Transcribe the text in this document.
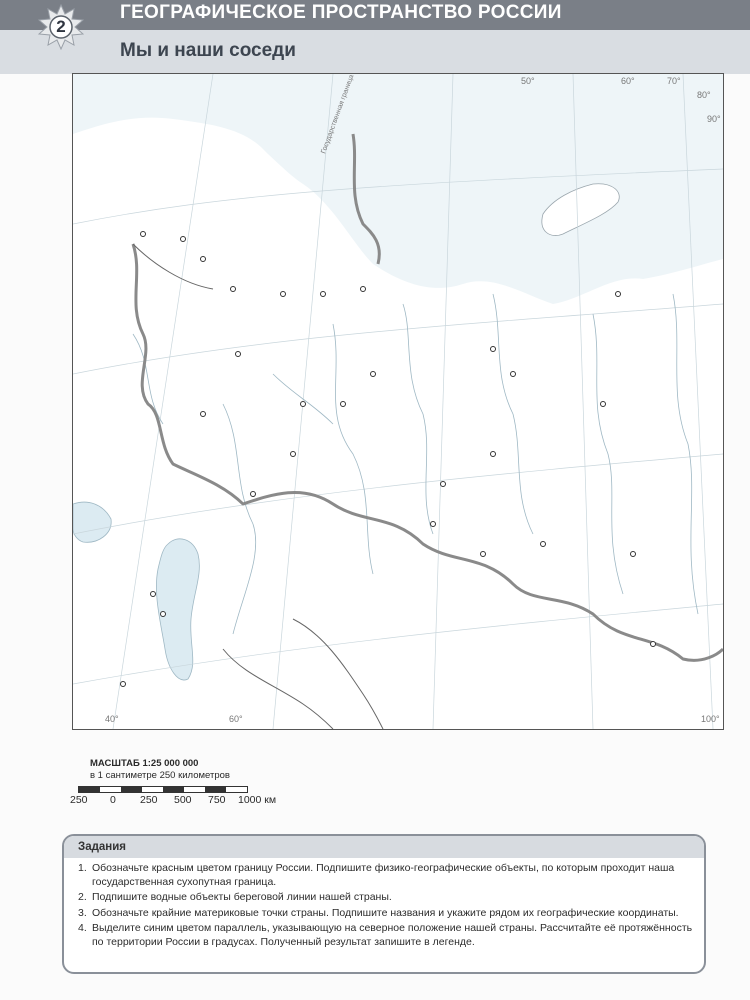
2
ГЕОГРАФИЧЕСКОЕ ПРОСТРАНСТВО РОССИИ
Мы и наши соседи
Государственная граница	50°	60°	70°
80°
90°
40°	60°	100°
МАСШТАБ 1:25 000 000
в 1 сантиметре 250 километров
250 0 250 500 750 1000 км
Задания
1. Обозначьте красным цветом границу России. Подпишите физико-географические объекты, по которым проходит наша государственная сухопутная граница.
2. Подпишите водные объекты береговой линии нашей страны.
3. Обозначьте крайние материковые точки страны. Подпишите названия и укажите рядом их географические координаты.
4. Выделите синим цветом параллель, указывающую на северное положение нашей страны. Рассчитайте её протяжённость по территории России в градусах. Полученный результат запишите в легенде.
